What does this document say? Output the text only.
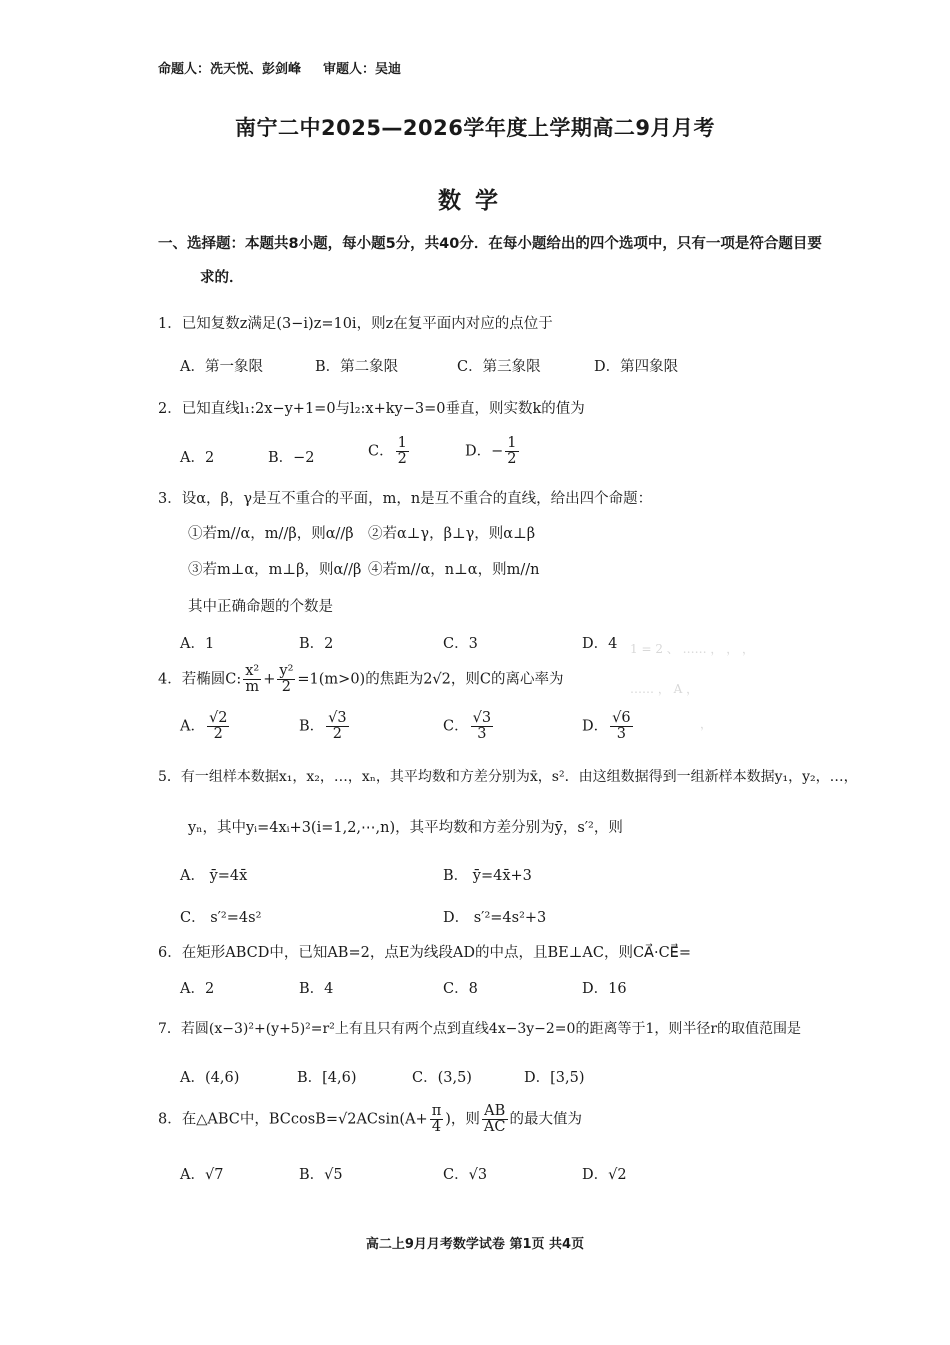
命题人：冼天悦、彭剑峰 审题人：吴迪
南宁二中2025—2026学年度上学期高二9月月考
数学
一、选择题：本题共8小题，每小题5分，共40分．在每小题给出的四个选项中，只有一项是符合题目要
求的．
1．已知复数z满足(3−i)z=10i，则z在复平面内对应的点位于
A．第一象限	B．第二象限	C．第三象限	D．第四象限
2．已知直线l₁:2x−y+1=0与l₂:x+ky−3=0垂直，则实数k的值为
A．2	B．−2	C． $\frac{1}{2}$	D．− $\frac{1}{2}$
3．设α，β，γ是互不重合的平面，m，n是互不重合的直线，给出四个命题：
①若m//α，m//β，则α//β ②若α⊥γ，β⊥γ，则α⊥β
③若m⊥α，m⊥β，则α//β ④若m//α，n⊥α，则m//n
其中正确命题的个数是
A．1	B．2	C．3	D．4 1 = 2 、 …… ， ， ，
…… ， A ，
，
4．若椭圆C: $\frac{\text{x²}}{m} + \frac{\text{y²}}{2} =1(m>0)$的焦距为2√2，则C的离心率为
A． $\frac{√2}{2}$	B． $\frac{√3}{2}$	C． $\frac{√3}{3}$	D． $\frac{√6}{3}$
5．有一组样本数据x₁，x₂，…，xₙ，其平均数和方差分别为x̄，s²．由这组数据得到一组新样本数据y₁，y₂，…，
yₙ，其中yᵢ=4xᵢ+3(i=1,2,⋯,n)，其平均数和方差分别为ȳ，s′²，则
A． ȳ=4x̄	B． ȳ=4x̄+3
C． s′²=4s²	D． s′²=4s²+3
6．在矩形ABCD中，已知AB=2，点E为线段AD的中点，且BE⊥AC，则CA⃗·CE⃗=
A．2	B．4	C．8	D．16
7．若圆(x−3)²+(y+5)²=r²上有且只有两个点到直线4x−3y−2=0的距离等于1，则半径r的取值范围是
A．(4,6)	B．[4,6)	C．(3,5)	D．[3,5)
8．在△ABC中，$BCcosB=√2ACsin(A+ \frac{\pi}{4}$ )，则 $\frac{AB}{AC}$ 的最大值为
A．√7	B．√5	C．√3	D．√2
高二上9月月考数学试卷 第1页 共4页
